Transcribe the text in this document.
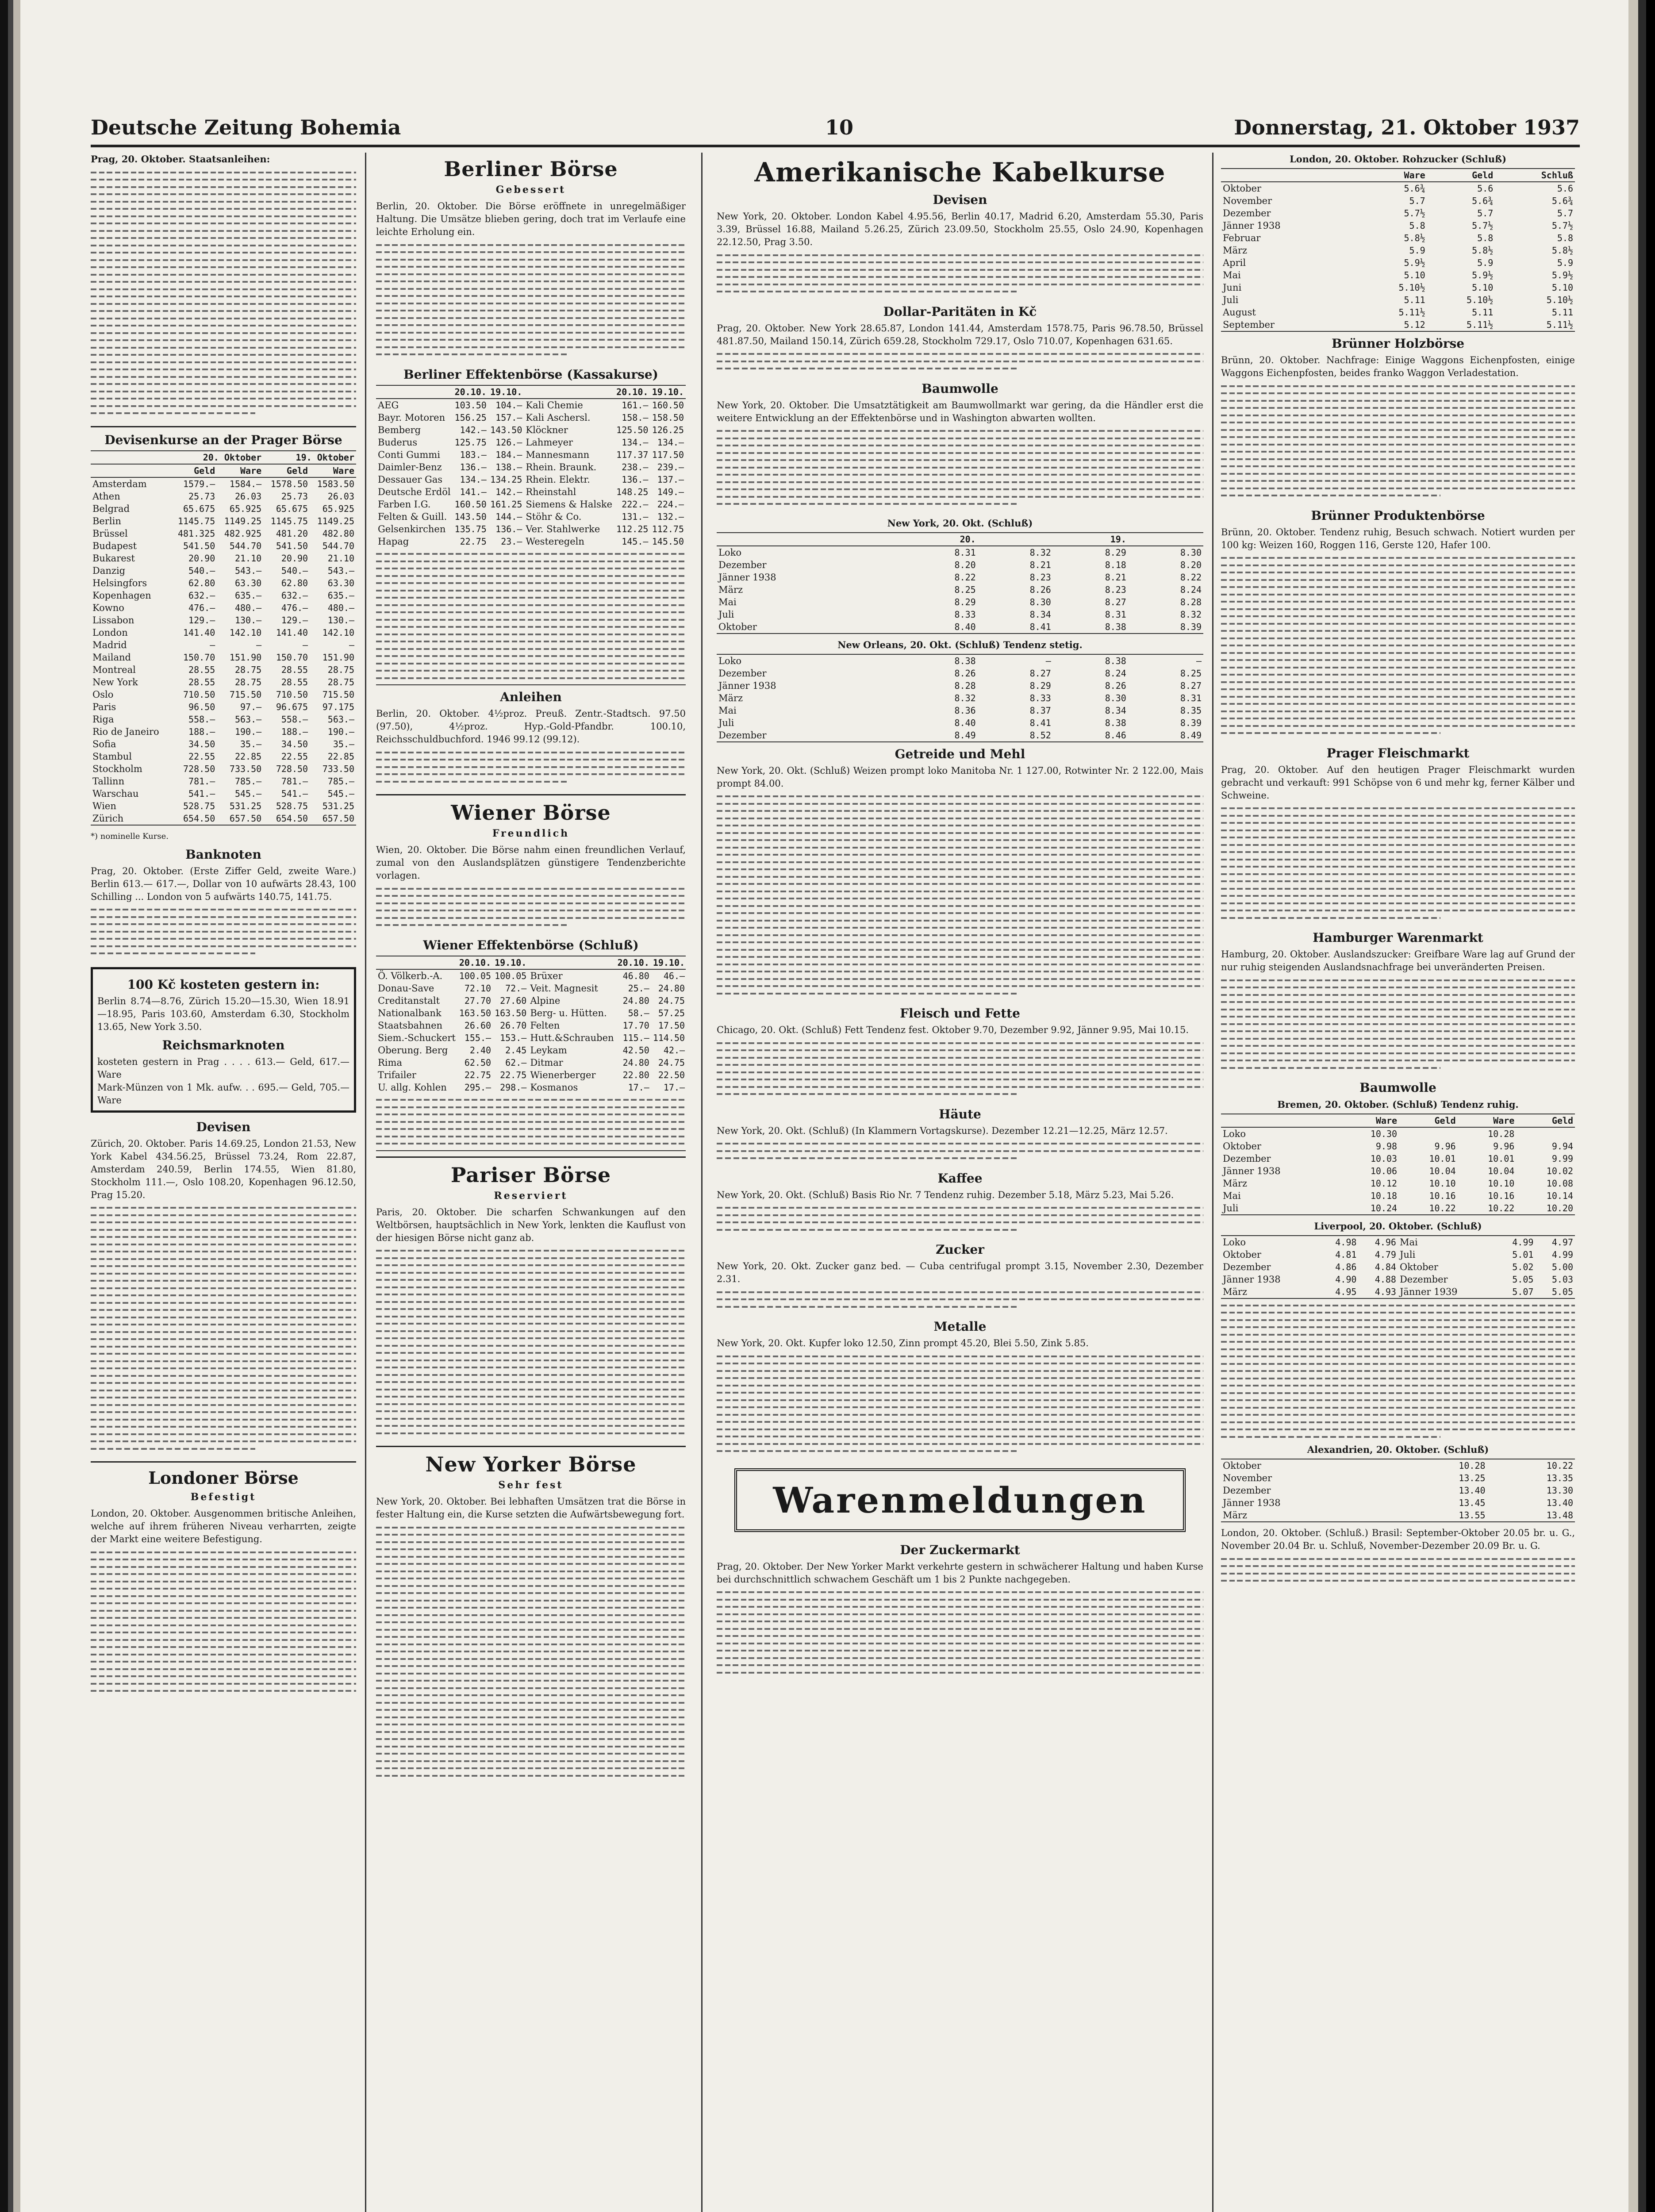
Deutsche Zeitung Bohemia	10	Donnerstag, 21. Oktober 1937
Prag, 20. Oktober. Staatsanleihen:
Devisenkurse an der Prager Börse
	20. Oktober		19. Oktober	
	Geld	Ware	Geld	Ware
Amsterdam	1579.—	1584.—	1578.50	1583.50
Athen	25.73	26.03	25.73	26.03
Belgrad	65.675	65.925	65.675	65.925
Berlin	1145.75	1149.25	1145.75	1149.25
Brüssel	481.325	482.925	481.20	482.80
Budapest	541.50	544.70	541.50	544.70
Bukarest	20.90	21.10	20.90	21.10
Danzig	540.—	543.—	540.—	543.—
Helsingfors	62.80	63.30	62.80	63.30
Kopenhagen	632.—	635.—	632.—	635.—
Kowno	476.—	480.—	476.—	480.—
Lissabon	129.—	130.—	129.—	130.—
London	141.40	142.10	141.40	142.10
Madrid	—	—	—	—
Mailand	150.70	151.90	150.70	151.90
Montreal	28.55	28.75	28.55	28.75
New York	28.55	28.75	28.55	28.75
Oslo	710.50	715.50	710.50	715.50
Paris	96.50	97.—	96.675	97.175
Riga	558.—	563.—	558.—	563.—
Rio de Janeiro	188.—	190.—	188.—	190.—
Sofia	34.50	35.—	34.50	35.—
Stambul	22.55	22.85	22.55	22.85
Stockholm	728.50	733.50	728.50	733.50
Tallinn	781.—	785.—	781.—	785.—
Warschau	541.—	545.—	541.—	545.—
Wien	528.75	531.25	528.75	531.25
Zürich	654.50	657.50	654.50	657.50
*) nominelle Kurse.
Banknoten
Prag, 20. Oktober. (Erste Ziffer Geld, zweite Ware.) Berlin 613.— 617.—, Dollar von 10 aufwärts 28.43, 100 Schilling ... London von 5 aufwärts 140.75, 141.75.
100 Kč kosteten gestern in:
Berlin 8.74—8.76, Zürich 15.20—15.30, Wien 18.91—18.95, Paris 103.60, Amsterdam 6.30, Stockholm 13.65, New York 3.50.
Reichsmarknoten
kosteten gestern in Prag . . . . 613.— Geld, 617.— Ware
Mark-Münzen von 1 Mk. aufw. . . 695.— Geld, 705.— Ware
Devisen
Zürich, 20. Oktober. Paris 14.69.25, London 21.53, New York Kabel 434.56.25, Brüssel 73.24, Rom 22.87, Amsterdam 240.59, Berlin 174.55, Wien 81.80, Stockholm 111.—, Oslo 108.20, Kopenhagen 96.12.50, Prag 15.20.
Londoner Börse
Befestigt
London, 20. Oktober. Ausgenommen britische Anleihen, welche auf ihrem früheren Niveau verharrten, zeigte der Markt eine weitere Befestigung.
Berliner Börse
Gebessert
Berlin, 20. Oktober. Die Börse eröffnete in unregelmäßiger Haltung. Die Umsätze blieben gering, doch trat im Verlaufe eine leichte Erholung ein.
Berliner Effektenbörse (Kassakurse)
	20.10.	19.10.		20.10.	19.10.
AEG	103.50	104.—	Kali Chemie	161.—	160.50
Bayr. Motoren	156.25	157.—	Kali Aschersl.	158.—	158.50
Bemberg	142.—	143.50	Klöckner	125.50	126.25
Buderus	125.75	126.—	Lahmeyer	134.—	134.—
Conti Gummi	183.—	184.—	Mannesmann	117.37	117.50
Daimler-Benz	136.—	138.—	Rhein. Braunk.	238.—	239.—
Dessauer Gas	134.—	134.25	Rhein. Elektr.	136.—	137.—
Deutsche Erdöl	141.—	142.—	Rheinstahl	148.25	149.—
Farben I.G.	160.50	161.25	Siemens & Halske	222.—	224.—
Felten & Guill.	143.50	144.—	Stöhr & Co.	131.—	132.—
Gelsenkirchen	135.75	136.—	Ver. Stahlwerke	112.25	112.75
Hapag	22.75	23.—	Westeregeln	145.—	145.50
Anleihen
Berlin, 20. Oktober. 4½proz. Preuß. Zentr.-Stadtsch. 97.50 (97.50), 4½proz. Hyp.-Gold-Pfandbr. 100.10, Reichsschuldbuchford. 1946 99.12 (99.12).
Wiener Börse
Freundlich
Wien, 20. Oktober. Die Börse nahm einen freundlichen Verlauf, zumal von den Auslandsplätzen günstigere Tendenzberichte vorlagen.
Wiener Effektenbörse (Schluß)
	20.10.	19.10.		20.10.	19.10.
Ö. Völkerb.-A.	100.05	100.05	Brüxer	46.80	46.—
Donau-Save	72.10	72.—	Veit. Magnesit	25.—	24.80
Creditanstalt	27.70	27.60	Alpine	24.80	24.75
Nationalbank	163.50	163.50	Berg- u. Hütten.	58.—	57.25
Staatsbahnen	26.60	26.70	Felten	17.70	17.50
Siem.-Schuckert	155.—	153.—	Hutt.&Schrauben	115.—	114.50
Oberung. Berg	2.40	2.45	Leykam	42.50	42.—
Rima	62.50	62.—	Ditmar	24.80	24.75
Trifailer	22.75	22.75	Wienerberger	22.80	22.50
U. allg. Kohlen	295.—	298.—	Kosmanos	17.—	17.—
Pariser Börse
Reserviert
Paris, 20. Oktober. Die scharfen Schwankungen auf den Weltbörsen, hauptsächlich in New York, lenkten die Kauflust von der hiesigen Börse nicht ganz ab.
New Yorker Börse
Sehr fest
New York, 20. Oktober. Bei lebhaften Umsätzen trat die Börse in fester Haltung ein, die Kurse setzten die Aufwärtsbewegung fort.
Amerikanische Kabelkurse
Devisen
New York, 20. Oktober. London Kabel 4.95.56, Berlin 40.17, Madrid 6.20, Amsterdam 55.30, Paris 3.39, Brüssel 16.88, Mailand 5.26.25, Zürich 23.09.50, Stockholm 25.55, Oslo 24.90, Kopenhagen 22.12.50, Prag 3.50.
Dollar-Paritäten in Kč
Prag, 20. Oktober. New York 28.65.87, London 141.44, Amsterdam 1578.75, Paris 96.78.50, Brüssel 481.87.50, Mailand 150.14, Zürich 659.28, Stockholm 729.17, Oslo 710.07, Kopenhagen 631.65.
Baumwolle
New York, 20. Oktober. Die Umsatztätigkeit am Baumwollmarkt war gering, da die Händler erst die weitere Entwicklung an der Effektenbörse und in Washington abwarten wollten.
New York, 20. Okt. (Schluß)
	20.		19.	
Loko	8.31	8.32	8.29	8.30
Dezember	8.20	8.21	8.18	8.20
Jänner 1938	8.22	8.23	8.21	8.22
März	8.25	8.26	8.23	8.24
Mai	8.29	8.30	8.27	8.28
Juli	8.33	8.34	8.31	8.32
Oktober	8.40	8.41	8.38	8.39
New Orleans, 20. Okt. (Schluß) Tendenz stetig.
Loko	8.38	—	8.38	—
Dezember	8.26	8.27	8.24	8.25
Jänner 1938	8.28	8.29	8.26	8.27
März	8.32	8.33	8.30	8.31
Mai	8.36	8.37	8.34	8.35
Juli	8.40	8.41	8.38	8.39
Dezember	8.49	8.52	8.46	8.49
Getreide und Mehl
New York, 20. Okt. (Schluß) Weizen prompt loko Manitoba Nr. 1 127.00, Rotwinter Nr. 2 122.00, Mais prompt 84.00.
Fleisch und Fette
Chicago, 20. Okt. (Schluß) Fett Tendenz fest. Oktober 9.70, Dezember 9.92, Jänner 9.95, Mai 10.15.
Häute
New York, 20. Okt. (Schluß) (In Klammern Vortagskurse). Dezember 12.21—12.25, März 12.57.
Kaffee
New York, 20. Okt. (Schluß) Basis Rio Nr. 7 Tendenz ruhig. Dezember 5.18, März 5.23, Mai 5.26.
Zucker
New York, 20. Okt. Zucker ganz bed. — Cuba centrifugal prompt 3.15, November 2.30, Dezember 2.31.
Metalle
New York, 20. Okt. Kupfer loko 12.50, Zinn prompt 45.20, Blei 5.50, Zink 5.85.
Warenmeldungen
Der Zuckermarkt
Prag, 20. Oktober. Der New Yorker Markt verkehrte gestern in schwächerer Haltung und haben Kurse bei durchschnittlich schwachem Geschäft um 1 bis 2 Punkte nachgegeben.
London, 20. Oktober. Rohzucker (Schluß)
	Ware	Geld	Schluß
Oktober	5.6¾	5.6	5.6
November	5.7	5.6¾	5.6¾
Dezember	5.7½	5.7	5.7
Jänner 1938	5.8	5.7½	5.7½
Februar	5.8½	5.8	5.8
März	5.9	5.8½	5.8½
April	5.9½	5.9	5.9
Mai	5.10	5.9½	5.9½
Juni	5.10½	5.10	5.10
Juli	5.11	5.10½	5.10½
August	5.11½	5.11	5.11
September	5.12	5.11½	5.11½
Brünner Holzbörse
Brünn, 20. Oktober. Nachfrage: Einige Waggons Eichenpfosten, einige Waggons Eichenpfosten, beides franko Waggon Verladestation.
Brünner Produktenbörse
Brünn, 20. Oktober. Tendenz ruhig, Besuch schwach. Notiert wurden per 100 kg: Weizen 160, Roggen 116, Gerste 120, Hafer 100.
Prager Fleischmarkt
Prag, 20. Oktober. Auf den heutigen Prager Fleischmarkt wurden gebracht und verkauft: 991 Schöpse von 6 und mehr kg, ferner Kälber und Schweine.
Hamburger Warenmarkt
Hamburg, 20. Oktober. Auslandszucker: Greifbare Ware lag auf Grund der nur ruhig steigenden Auslandsnachfrage bei unveränderten Preisen.
Baumwolle
Bremen, 20. Oktober. (Schluß) Tendenz ruhig.
	Ware	Geld	Ware	Geld
Loko	10.30		10.28	
Oktober	9.98	9.96	9.96	9.94
Dezember	10.03	10.01	10.01	9.99
Jänner 1938	10.06	10.04	10.04	10.02
März	10.12	10.10	10.10	10.08
Mai	10.18	10.16	10.16	10.14
Juli	10.24	10.22	10.22	10.20
Liverpool, 20. Oktober. (Schluß)
Loko	4.98	4.96	Mai	4.99	4.97
Oktober	4.81	4.79	Juli	5.01	4.99
Dezember	4.86	4.84	Oktober	5.02	5.00
Jänner 1938	4.90	4.88	Dezember	5.05	5.03
März	4.95	4.93	Jänner 1939	5.07	5.05
Alexandrien, 20. Oktober. (Schluß)
Oktober	10.28	10.22
November	13.25	13.35
Dezember	13.40	13.30
Jänner 1938	13.45	13.40
März	13.55	13.48
London, 20. Oktober. (Schluß.) Brasil: September-Oktober 20.05 br. u. G., November 20.04 Br. u. Schluß, November-Dezember 20.09 Br. u. G.
